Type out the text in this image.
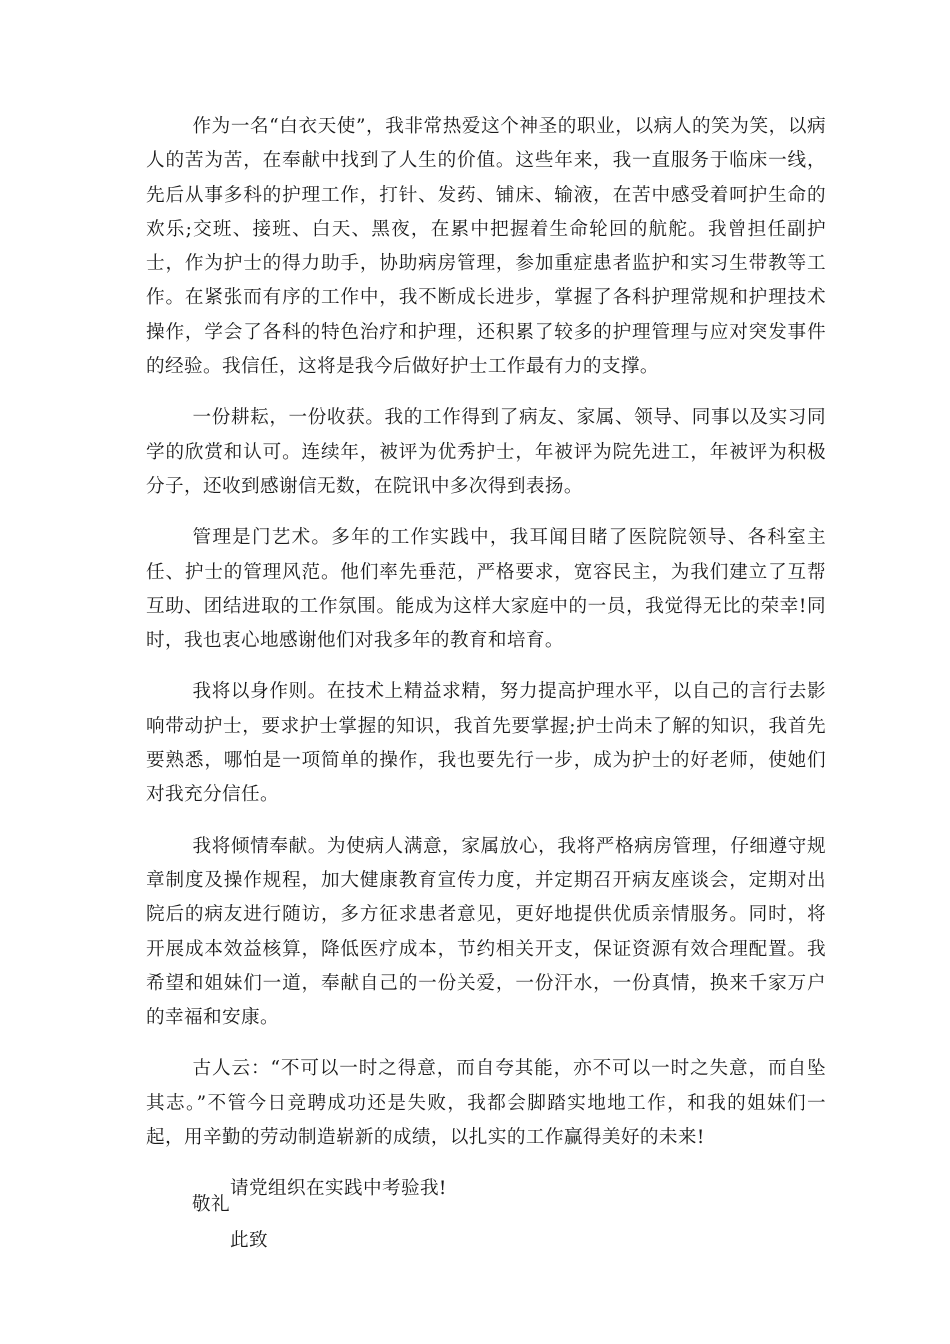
作为一名“白衣天使”，我非常热爱这个神圣的职业，以病人的笑为笑，以病人的苦为苦，在奉献中找到了人生的价值。这些年来，我一直服务于临床一线，先后从事多科的护理工作，打针、发药、铺床、输液，在苦中感受着呵护生命的欢乐;交班、接班、白天、黑夜，在累中把握着生命轮回的航舵。我曾担任副护士，作为护士的得力助手，协助病房管理，参加重症患者监护和实习生带教等工作。在紧张而有序的工作中，我不断成长进步，掌握了各科护理常规和护理技术操作，学会了各科的特色治疗和护理，还积累了较多的护理管理与应对突发事件的经验。我信任，这将是我今后做好护士工作最有力的支撑。

一份耕耘，一份收获。我的工作得到了病友、家属、领导、同事以及实习同学的欣赏和认可。连续年，被评为优秀护士，年被评为院先进工，年被评为积极分子，还收到感谢信无数，在院讯中多次得到表扬。

管理是门艺术。多年的工作实践中，我耳闻目睹了医院院领导、各科室主任、护士的管理风范。他们率先垂范，严格要求，宽容民主，为我们建立了互帮互助、团结进取的工作氛围。能成为这样大家庭中的一员，我觉得无比的荣幸!同时，我也衷心地感谢他们对我多年的教育和培育。

我将以身作则。在技术上精益求精，努力提高护理水平，以自己的言行去影响带动护士，要求护士掌握的知识，我首先要掌握;护士尚未了解的知识，我首先要熟悉，哪怕是一项简单的操作，我也要先行一步，成为护士的好老师，使她们对我充分信任。

我将倾情奉献。为使病人满意，家属放心，我将严格病房管理，仔细遵守规章制度及操作规程，加大健康教育宣传力度，并定期召开病友座谈会，定期对出院后的病友进行随访，多方征求患者意见，更好地提供优质亲情服务。同时，将开展成本效益核算，降低医疗成本，节约相关开支，保证资源有效合理配置。我希望和姐妹们一道，奉献自己的一份关爱，一份汗水，一份真情，换来千家万户的幸福和安康。

古人云：“不可以一时之得意，而自夸其能，亦不可以一时之失意，而自坠其志。”不管今日竞聘成功还是失败，我都会脚踏实地地工作，和我的姐妹们一起，用辛勤的劳动制造崭新的成绩，以扎实的工作赢得美好的未来!

请党组织在实践中考验我!

此致

敬礼
